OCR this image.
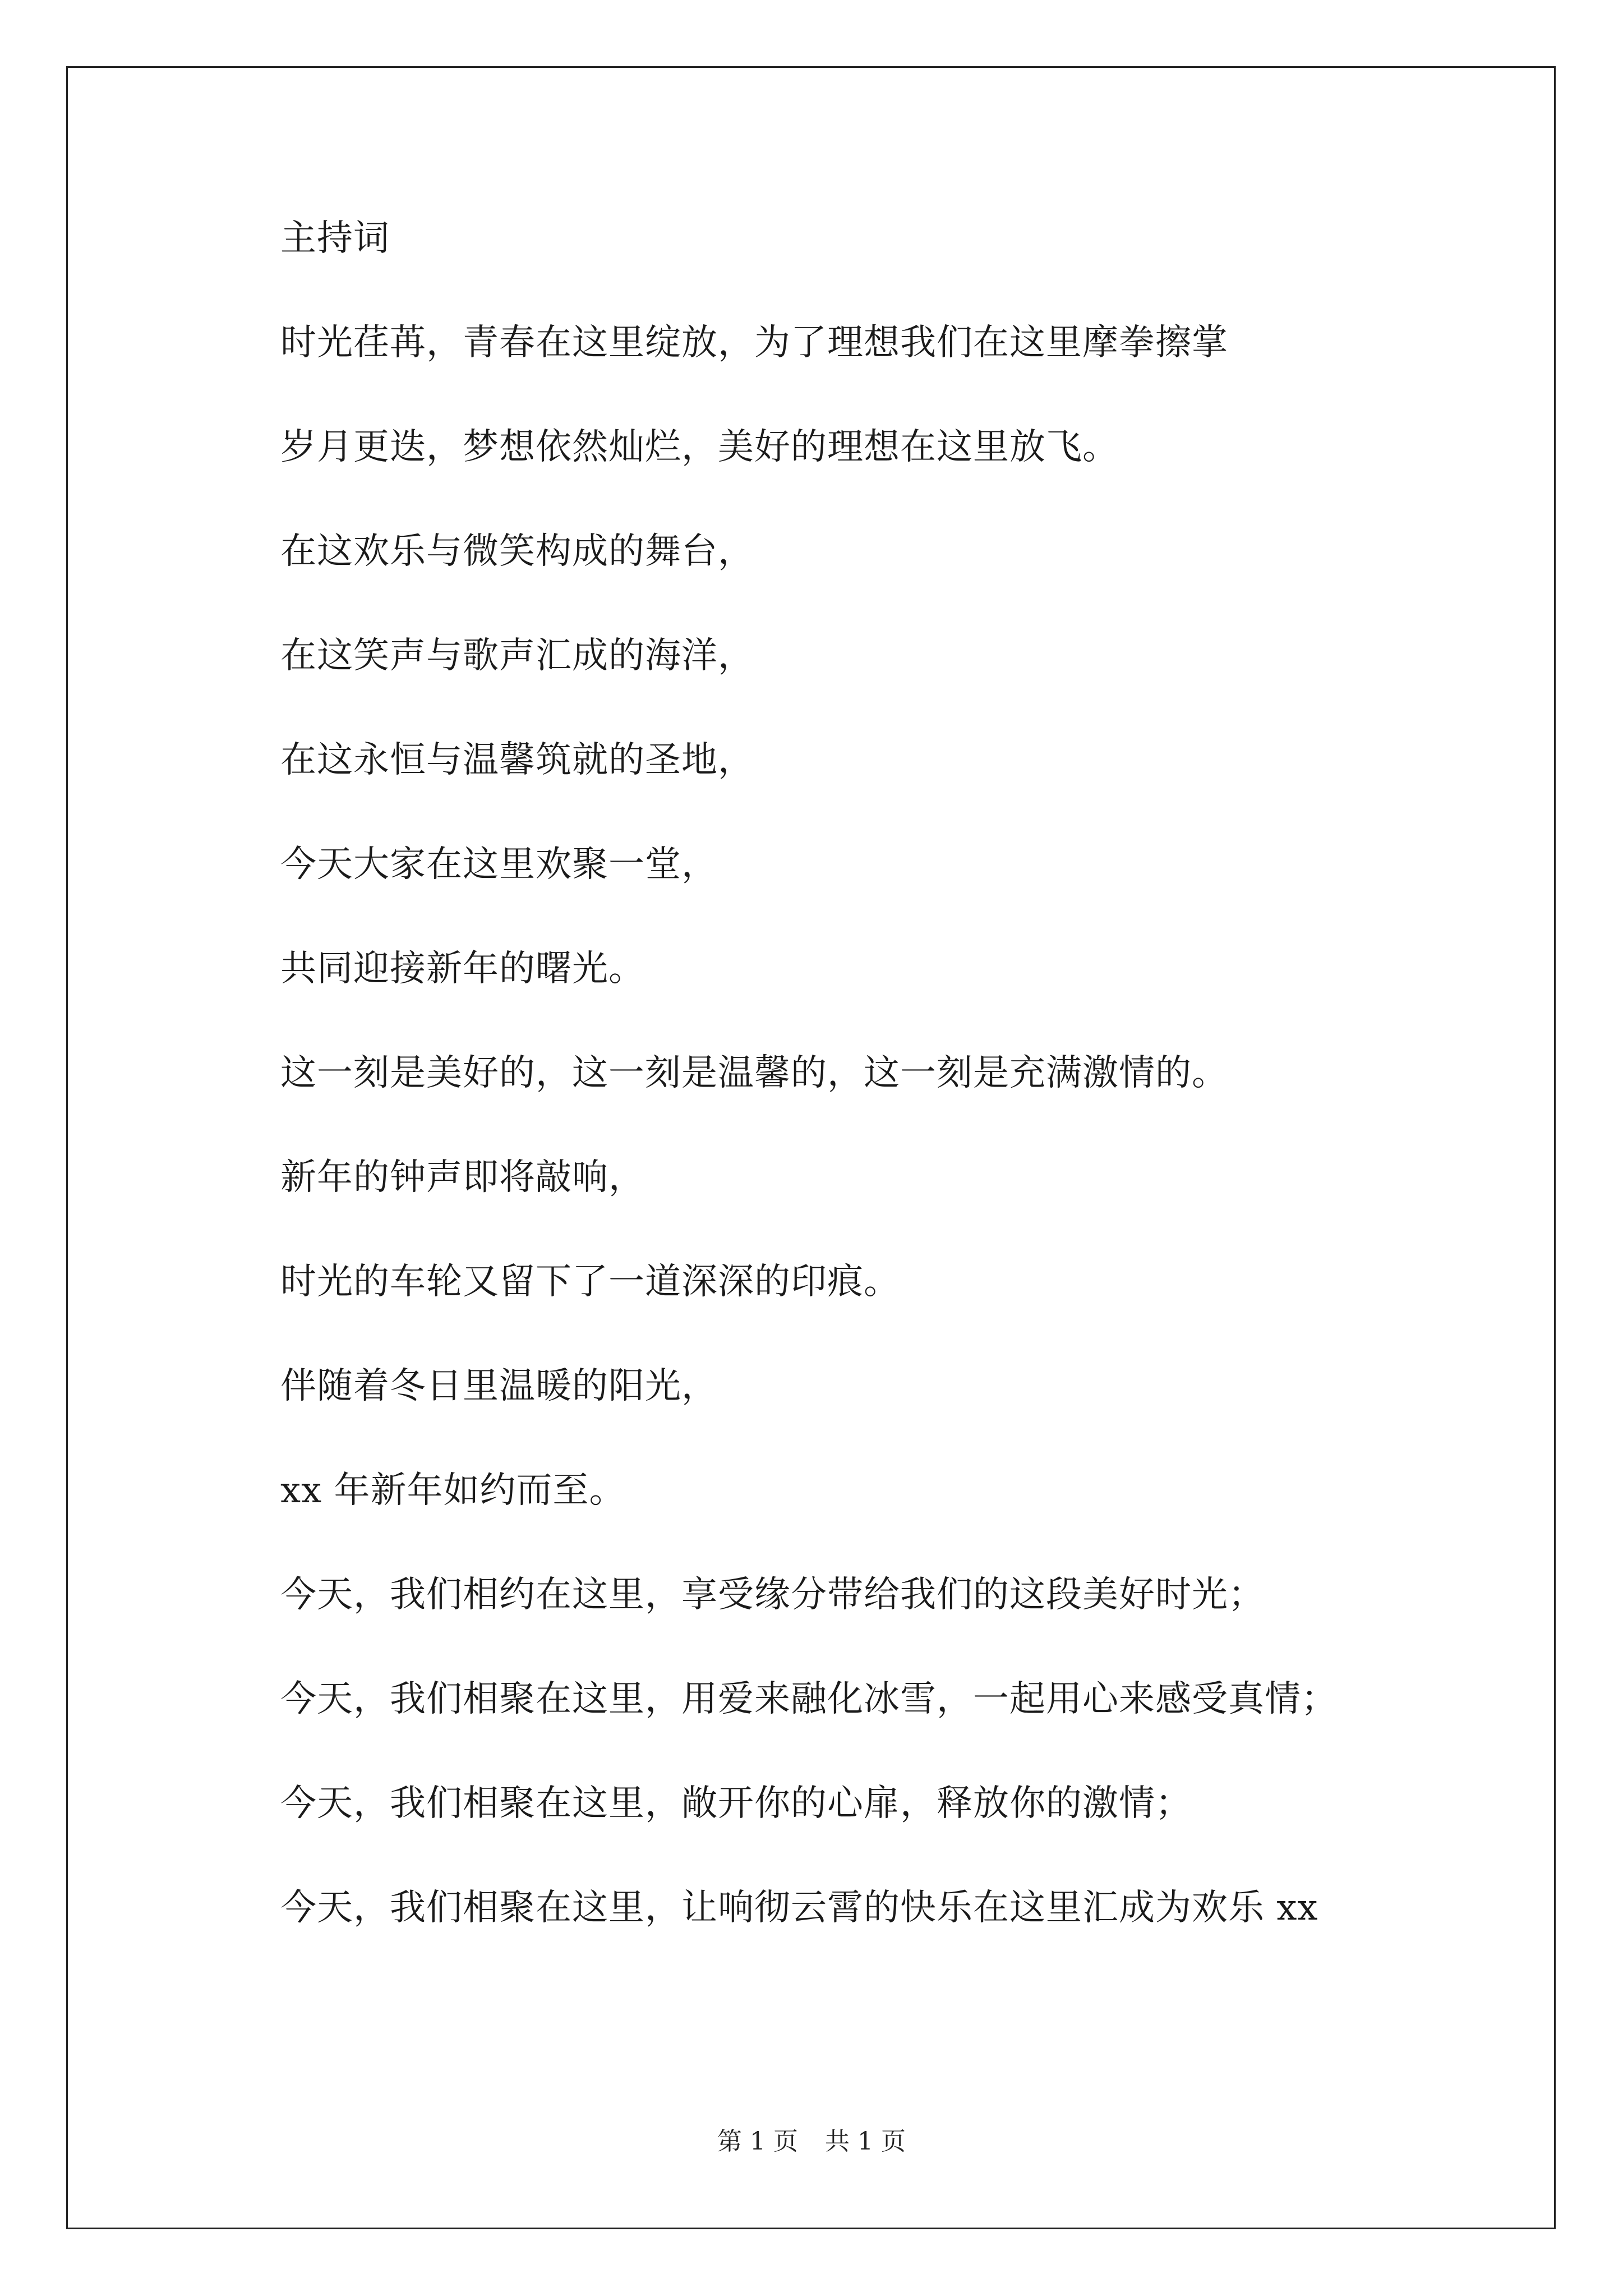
主持词
时光荏苒，青春在这里绽放，为了理想我们在这里摩拳擦掌
岁月更迭，梦想依然灿烂，美好的理想在这里放飞。
在这欢乐与微笑构成的舞台，
在这笑声与歌声汇成的海洋，
在这永恒与温馨筑就的圣地，
今天大家在这里欢聚一堂，
共同迎接新年的曙光。
这一刻是美好的，这一刻是温馨的，这一刻是充满激情的。
新年的钟声即将敲响，
时光的车轮又留下了一道深深的印痕。
伴随着冬日里温暖的阳光，
xx 年新年如约而至。
今天，我们相约在这里，享受缘分带给我们的这段美好时光；
今天，我们相聚在这里，用爱来融化冰雪，一起用心来感受真情；
今天，我们相聚在这里，敞开你的心扉，释放你的激情；
今天，我们相聚在这里，让响彻云霄的快乐在这里汇成为欢乐 xx
第 1 页 共 1 页
